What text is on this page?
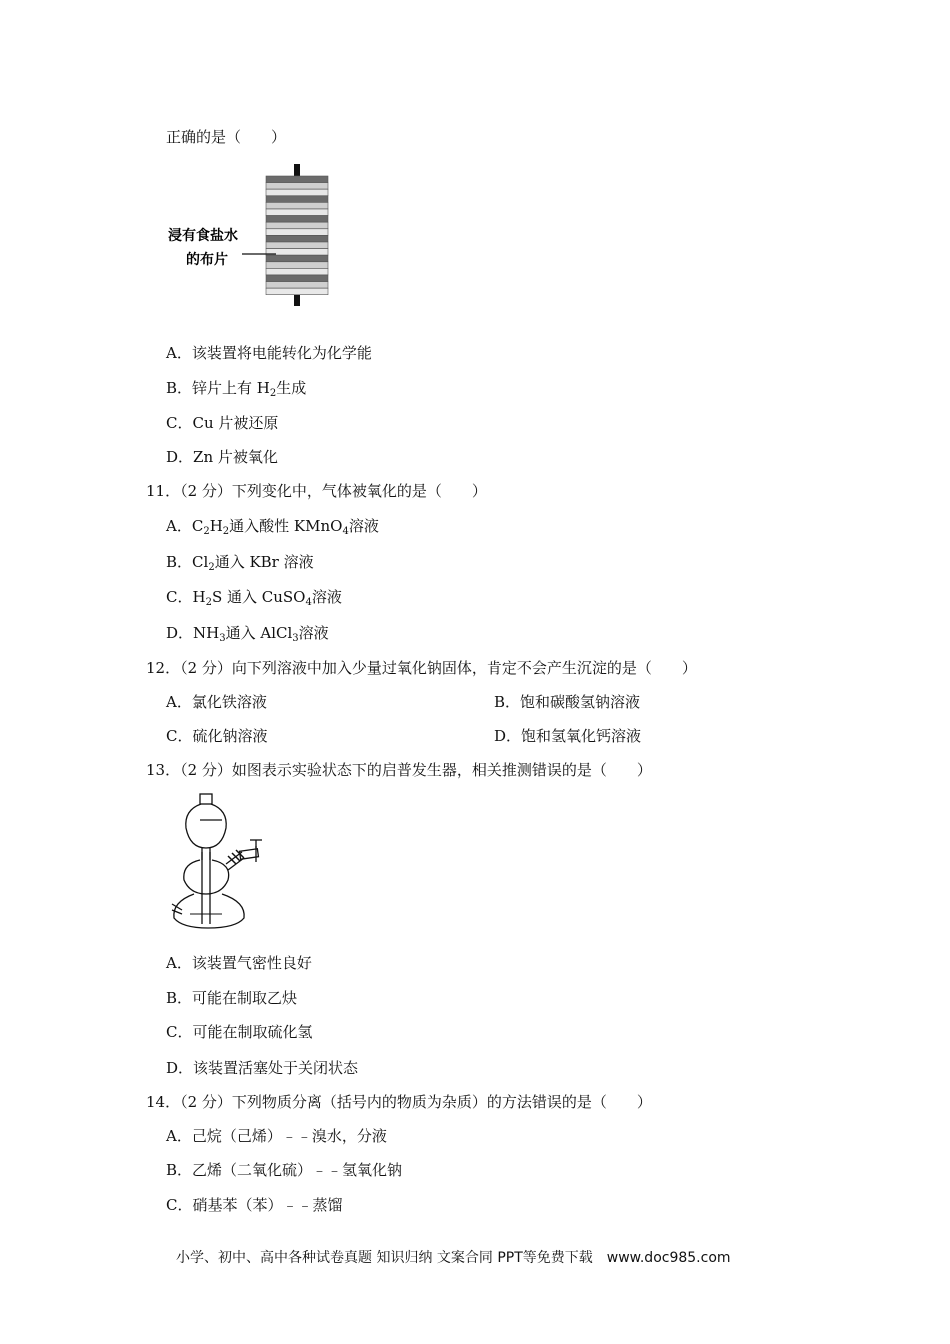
正确的是（　　）
浸有食盐水
的布片
A．该装置将电能转化为化学能
B．锌片上有 $H_2$生成
C．Cu 片被还原
D．Zn 片被氧化
11．（2 分）下列变化中，气体被氧化的是（　　）
A．$C_2H_2$通入酸性 KMnO$_4$溶液
B．$Cl_2$通入 KBr 溶液
C．$H_2S$ 通入 CuSO$_4$溶液
D．$NH_3$通入 AlCl$_3$溶液
12．（2 分）向下列溶液中加入少量过氧化钠固体，肯定不会产生沉淀的是（　　）
A．氯化铁溶液	B．饱和碳酸氢钠溶液
C．硫化钠溶液	D．饱和氢氧化钙溶液
13．（2 分）如图表示实验状态下的启普发生器，相关推测错误的是（　　）
A．该装置气密性良好
B．可能在制取乙炔
C．可能在制取硫化氢
D．该装置活塞处于关闭状态
14．（2 分）下列物质分离（括号内的物质为杂质）的方法错误的是（　　）
A．己烷（己烯）﹣﹣溴水，分液
B．乙烯（二氧化硫）﹣﹣氢氧化钠
C．硝基苯（苯）﹣﹣蒸馏
小学、初中、高中各种试卷真题 知识归纳 文案合同 PPT等免费下载　www.doc985.com
